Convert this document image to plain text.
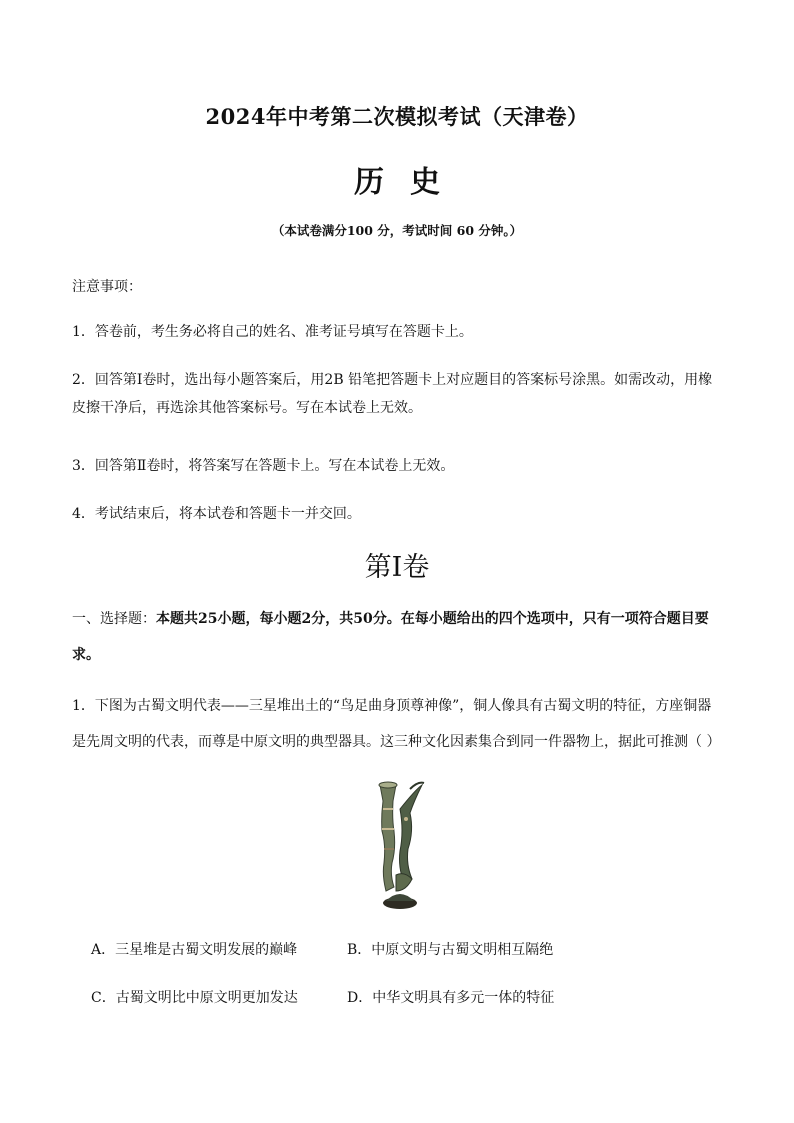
2024年中考第二次模拟考试（天津卷）
历史
（本试卷满分100 分，考试时间 60 分钟。）
注意事项：
1．答卷前，考生务必将自己的姓名、准考证号填写在答题卡上。
2．回答第Ⅰ卷时，选出每小题答案后，用2B 铅笔把答题卡上对应题目的答案标号涂黑。如需改动，用橡皮擦干净后，再选涂其他答案标号。写在本试卷上无效。
3．回答第Ⅱ卷时，将答案写在答题卡上。写在本试卷上无效。
4．考试结束后，将本试卷和答题卡一并交回。
第Ⅰ卷
一、选择题：本题共25小题，每小题2分，共50分。在每小题给出的四个选项中，只有一项符合题目要求。
1．下图为古蜀文明代表——三星堆出土的“鸟足曲身顶尊神像”，铜人像具有古蜀文明的特征，方座铜器是先周文明的代表，而尊是中原文明的典型器具。这三种文化因素集合到同一件器物上，据此可推测（ ）
A．三星堆是古蜀文明发展的巅峰	B．中原文明与古蜀文明相互隔绝
C．古蜀文明比中原文明更加发达	D．中华文明具有多元一体的特征
